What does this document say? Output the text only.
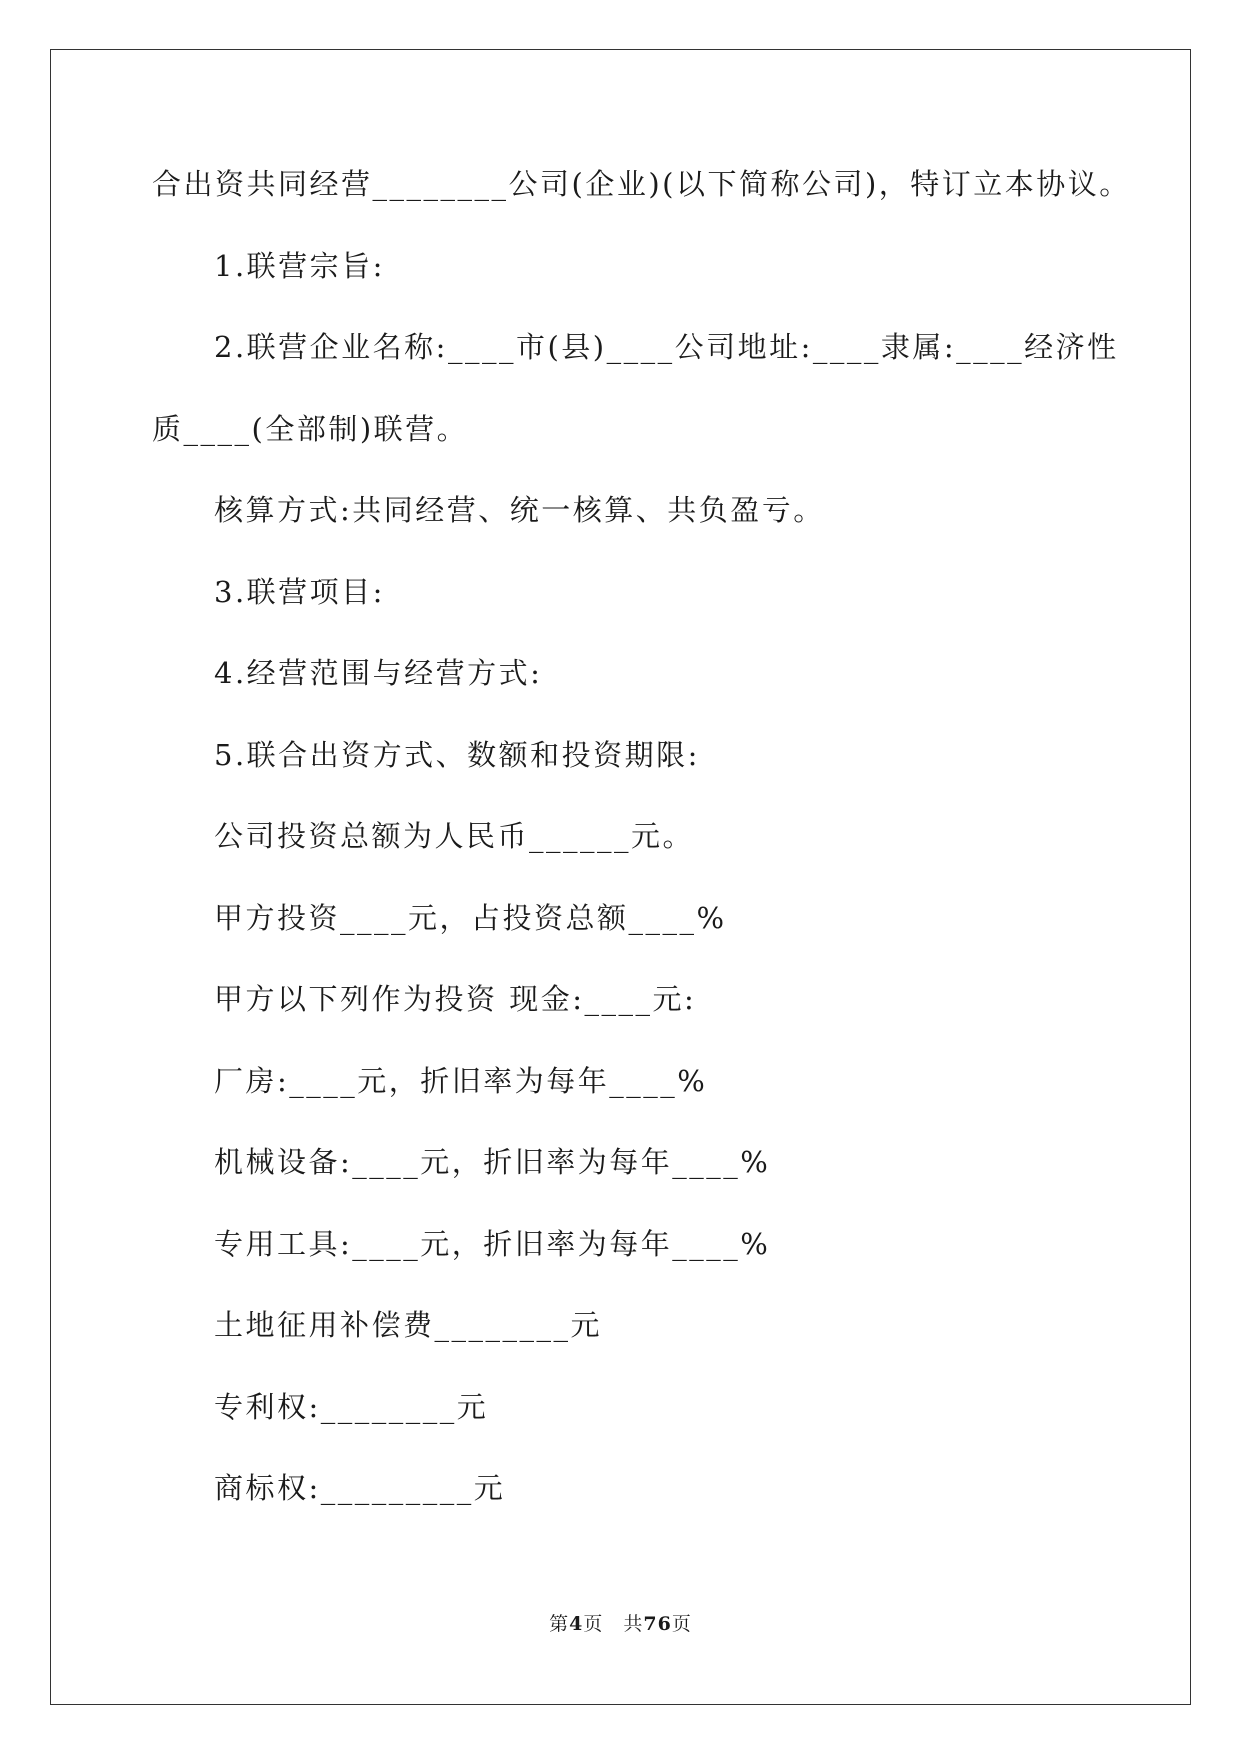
合出资共同经营________公司(企业)(以下简称公司)，特订立本协议。
1.联营宗旨:
2.联营企业名称:____市(县)____公司地址:____隶属:____经济性
质____(全部制)联营。
核算方式:共同经营、统一核算、共负盈亏。
3.联营项目:
4.经营范围与经营方式:
5.联合出资方式、数额和投资期限:
公司投资总额为人民币______元。
甲方投资____元，占投资总额____%
甲方以下列作为投资 现金:____元:
厂房:____元，折旧率为每年____%
机械设备:____元，折旧率为每年____%
专用工具:____元，折旧率为每年____%
土地征用补偿费________元
专利权:________元
商标权:_________元
第4页　共76页
